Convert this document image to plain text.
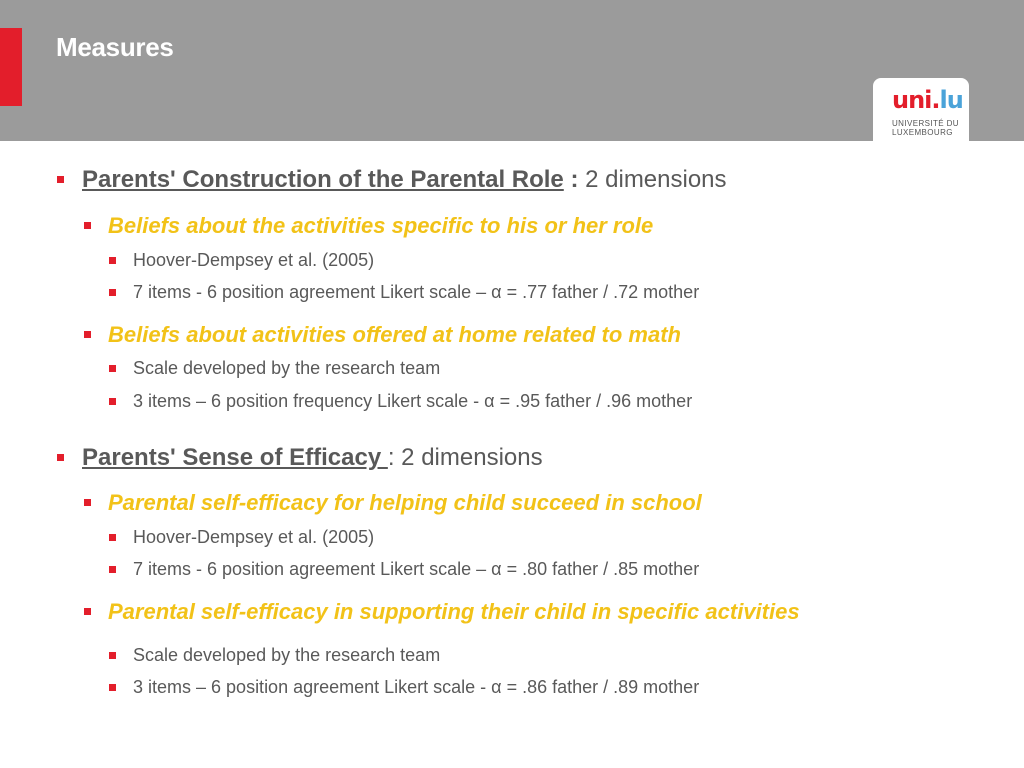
Measures
uni.lu
UNIVERSITÉ DU
LUXEMBOURG
Parents' Construction of the Parental Role : 2 dimensions
Beliefs about the activities specific to his or her role
Hoover-Dempsey et al. (2005)
7 items - 6 position agreement Likert scale – α = .77 father / .72 mother
Beliefs about activities offered at home related to math
Scale developed by the research team
3 items – 6 position frequency Likert scale - α = .95 father / .96 mother
Parents' Sense of Efficacy : 2 dimensions
Parental self-efficacy for helping child succeed in school
Hoover-Dempsey et al. (2005)
7 items - 6 position agreement Likert scale – α = .80 father / .85 mother
Parental self-efficacy in supporting their child in specific activities
Scale developed by the research team
3 items – 6 position agreement Likert scale - α = .86 father / .89 mother
